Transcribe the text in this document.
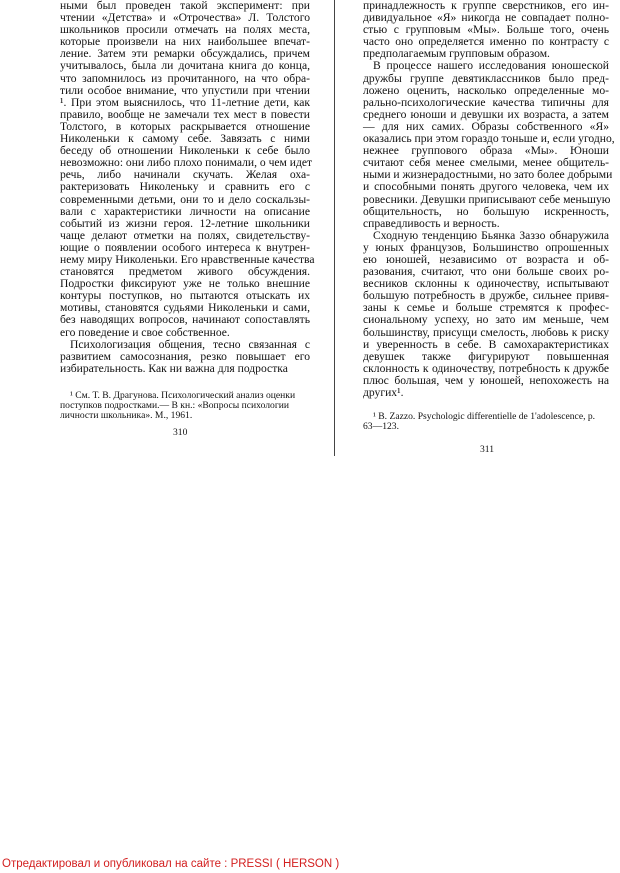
ными был проведен такой эксперимент: при
чтении «Детства» и «Отрочества» Л. Толстого
школьников просили отмечать на полях места,
которые произвели на них наибольшее впечат-
ление. Затем эти ремарки обсуждались, причем
учитывалось, была ли дочитана книга до конца,
что запомнилось из прочитанного, на что обра-
тили особое внимание, что упустили при чтении
¹. При этом выяснилось, что 11-летние дети, как
правило, вообще не замечали тех мест в повести
Толстого, в которых раскрывается отношение
Николеньки к самому себе. Завязать с ними
беседу об отношении Николеньки к себе было
невозможно: они либо плохо понимали, о чем идет
речь, либо начинали скучать. Желая оха-
рактеризовать Николеньку и сравнить его с
современными детьми, они то и дело соскальзы-
вали с характеристики личности на описание
событий из жизни героя. 12-летние школьники
чаще делают отметки на полях, свидетельству-
ющие о появлении особого интереса к внутрен-
нему миру Николеньки. Его нравственные качества
становятся предметом живого обсуждения.
Подростки фиксируют уже не только внешние
контуры поступков, но пытаются отыскать их
мотивы, становятся судьями Николеньки и сами,
без наводящих вопросов, начинают сопоставлять
его поведение и свое собственное.
Психологизация общения, тесно связанная с
развитием самосознания, резко повышает его
избирательность. Как ни важна для подростка
¹ См. Т. В. Драгунова. Психологический анализ оценки
поступков подростками.— В кн.: «Вопросы психологии
личности школьника». М., 1961.
310
принадлежность к группе сверстников, его ин-
дивидуальное «Я» никогда не совпадает полно-
стью с групповым «Мы». Больше того, очень
часто оно определяется именно по контрасту с
предполагаемым групповым образом.
В процессе нашего исследования юношеской
дружбы группе девятиклассников было пред-
ложено оценить, насколько определенные мо-
рально-психологические качества типичны для
среднего юноши и девушки их возраста, а затем
— для них самих. Образы собственного «Я»
оказались при этом гораздо тоньше и, если угодно,
нежнее группового образа «Мы». Юноши
считают себя менее смелыми, менее общитель-
ными и жизнерадостными, но зато более добрыми
и способными понять другого человека, чем их
ровесники. Девушки приписывают себе меньшую
общительность, но большую искренность,
справедливость и верность.
Сходную тенденцию Бьянка Заззо обнаружила
у юных французов, Большинство опрошенных
ею юношей, независимо от возраста и об-
разования, считают, что они больше своих ро-
весников склонны к одиночеству, испытывают
большую потребность в дружбе, сильнее привя-
заны к семье и больше стремятся к профес-
сиональному успеху, но зато им меньше, чем
большинству, присущи смелость, любовь к риску
и уверенность в себе. В самохарактеристиках
девушек также фигурируют повышенная
склонность к одиночеству, потребность к дружбе
плюс большая, чем у юношей, непохожесть на
других¹.
¹ B. Zazzo. Psychologic differentielle de 1'adolescence, p.
63—123.
311
Отредактировал и опубликовал на сайте : PRESSI ( HERSON )
